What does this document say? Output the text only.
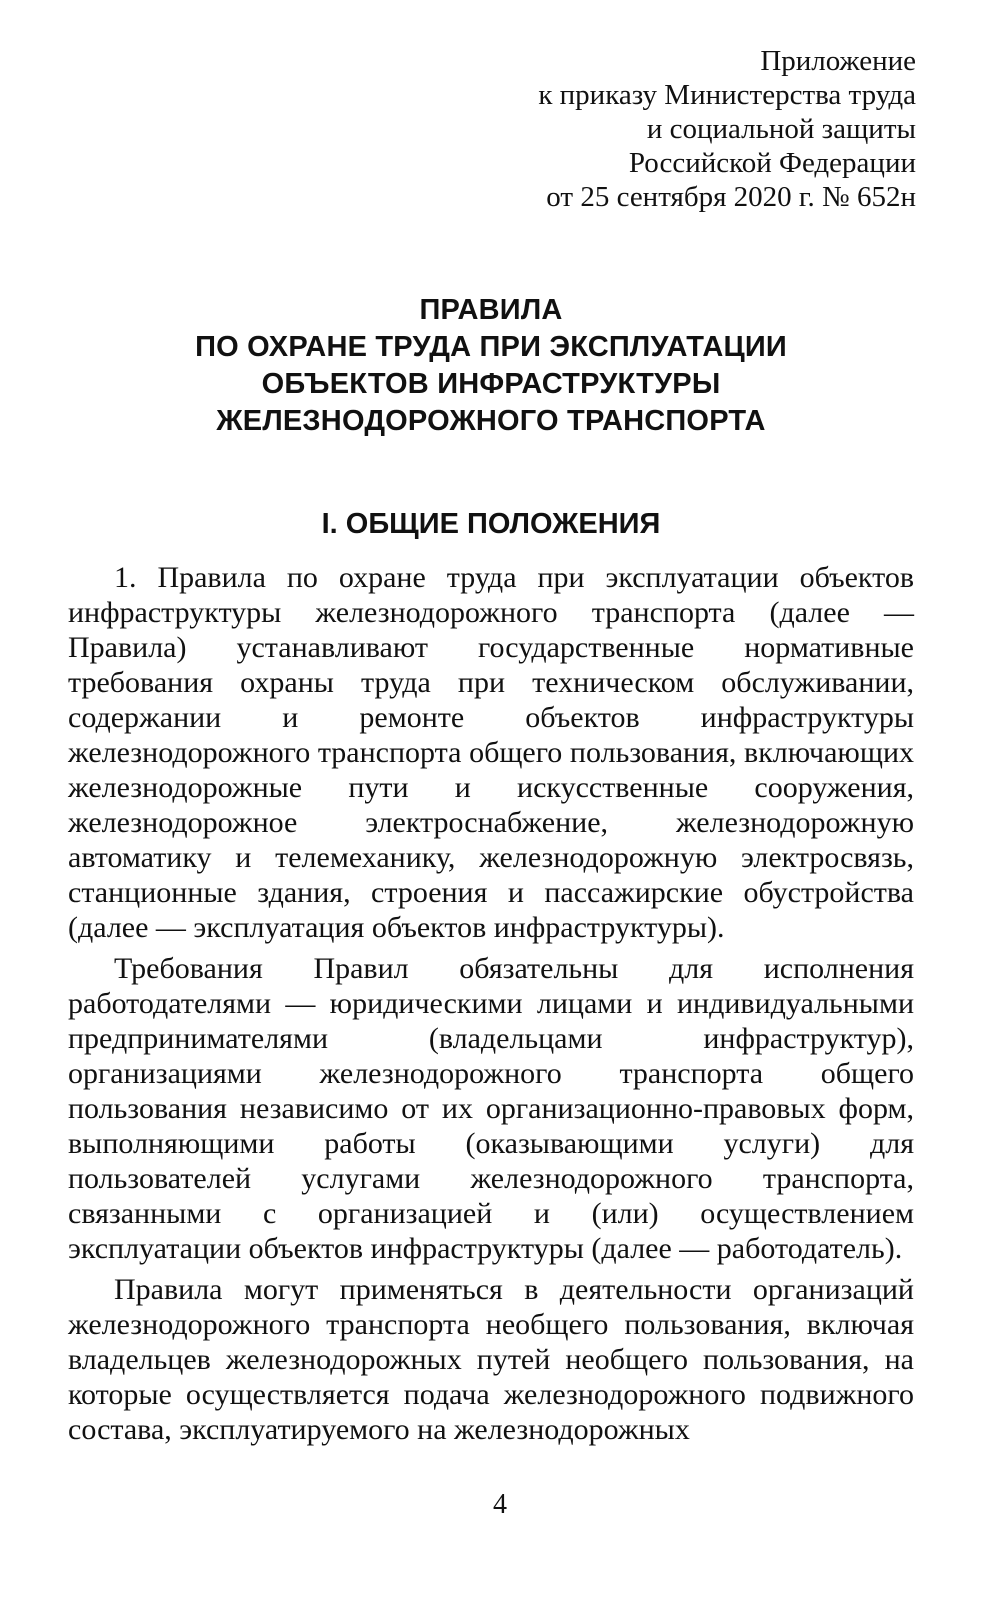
Приложение
к приказу Министерства труда
и социальной защиты
Российской Федерации
от 25 сентября 2020 г. № 652н
ПРАВИЛА
ПО ОХРАНЕ ТРУДА ПРИ ЭКСПЛУАТАЦИИ
ОБЪЕКТОВ ИНФРАСТРУКТУРЫ
ЖЕЛЕЗНОДОРОЖНОГО ТРАНСПОРТА
I. ОБЩИЕ ПОЛОЖЕНИЯ

1. Правила по охране труда при эксплуатации объектов инфраструктуры железнодорожного транспорта (далее — Правила) устанавливают государственные нормативные требования охраны труда при техническом обслуживании, содержании и ремонте объектов инфраструктуры железнодорожного транспорта общего пользования, включающих железнодорожные пути и искусственные сооружения, железнодорожное электроснабжение, железнодорожную автоматику и телемеханику, железнодорожную электросвязь, станционные здания, строения и пассажирские обустройства (далее — эксплуатация объектов инфраструктуры).

Требования Правил обязательны для исполнения работодателями — юридическими лицами и индивидуальными предпринимателями (владельцами инфраструктур), организациями железнодорожного транспорта общего пользования независимо от их организационно-правовых форм, выполняющими работы (оказывающими услуги) для пользователей услугами железнодорожного транспорта, связанными с организацией и (или) осуществлением эксплуатации объектов инфраструктуры (далее — работодатель).

Правила могут применяться в деятельности организаций железнодорожного транспорта необщего пользования, включая владельцев железнодорожных путей необщего пользования, на которые осуществляется подача железнодорожного подвижного состава, эксплуатируемого на железнодорожных

4
